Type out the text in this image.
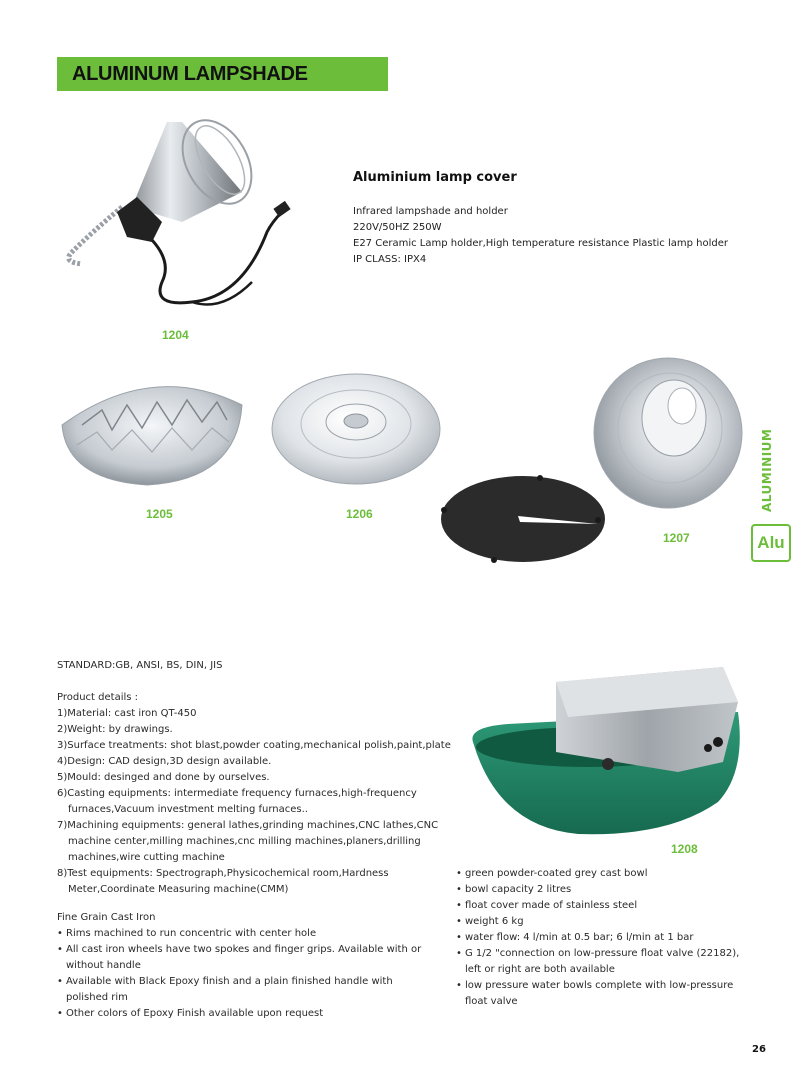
ALUMINUM LAMPSHADE
1204
Aluminium lamp cover
Infrared lampshade and holder
220V/50HZ 250W
E27 Ceramic Lamp holder,High temperature resistance Plastic lamp holder
IP CLASS: IPX4
1205	1206
1207
ALUMINIUM
Alu
STANDARD:GB, ANSI, BS, DIN, JIS
Product details :
1)Material: cast iron QT-450
2)Weight: by drawings.
3)Surface treatments: shot blast,powder coating,mechanical polish,paint,plate
4)Design: CAD design,3D design available.
5)Mould: desinged and done by ourselves.
6)Casting equipments: intermediate frequency furnaces,high-frequency
furnaces,Vacuum investment melting furnaces..
7)Machining equipments: general lathes,grinding machines,CNC lathes,CNC
machine center,milling machines,cnc milling machines,planers,drilling
machines,wire cutting machine
8)Test equipments: Spectrograph,Physicochemical room,Hardness
Meter,Coordinate Measuring machine(CMM)
Fine Grain Cast Iron
• Rims machined to run concentric with center hole
• All cast iron wheels have two spokes and finger grips. Available with or without handle
• Available with Black Epoxy finish and a plain finished handle with polished rim
• Other colors of Epoxy Finish available upon request
1208
• green powder-coated grey cast bowl
• bowl capacity 2 litres
• float cover made of stainless steel
• weight 6 kg
• water flow: 4 l/min at 0.5 bar; 6 l/min at 1 bar
• G 1/2 "connection on low-pressure float valve (22182), left or right are both available
• low pressure water bowls complete with low-pressure float valve
26
